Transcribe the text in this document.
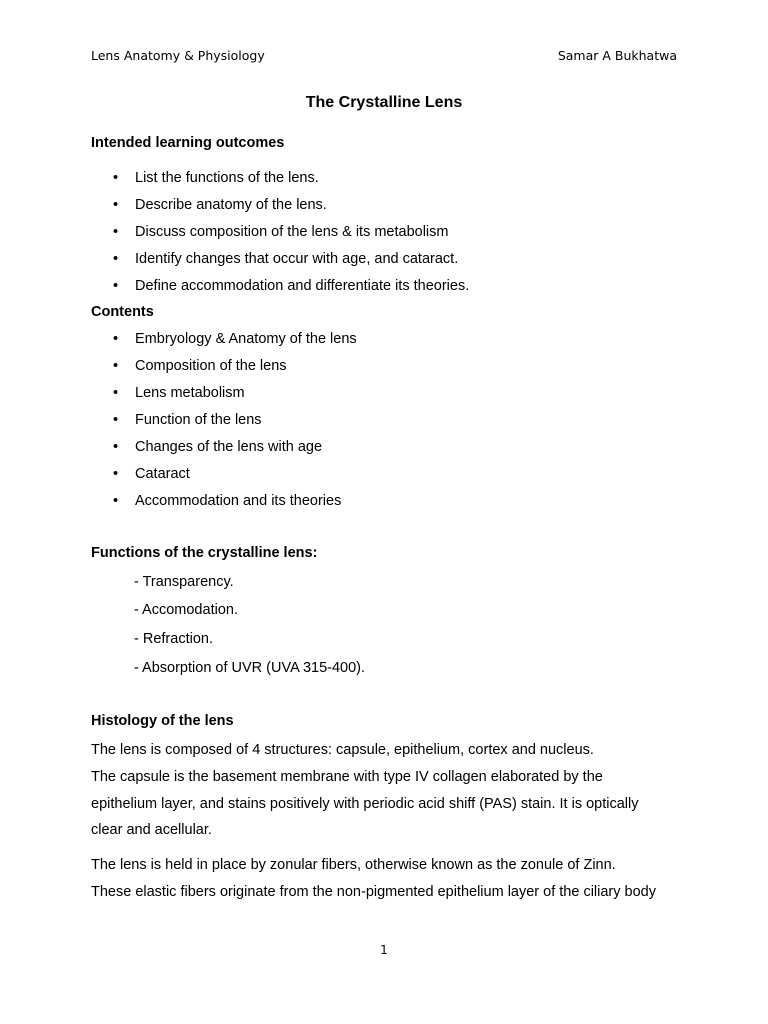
Lens Anatomy & Physiology	Samar A Bukhatwa
The Crystalline Lens
Intended learning outcomes
• List the functions of the lens.
• Describe anatomy of the lens.
• Discuss composition of the lens & its metabolism
• Identify changes that occur with age, and cataract.
• Define accommodation and differentiate its theories.
Contents
• Embryology & Anatomy of the lens
• Composition of the lens
• Lens metabolism
• Function of the lens
• Changes of the lens with age
• Cataract
• Accommodation and its theories
Functions of the crystalline lens:
- Transparency.
- Accomodation.
- Refraction.
- Absorption of UVR (UVA 315-400).
Histology of the lens
The lens is composed of 4 structures: capsule, epithelium, cortex and nucleus.
The capsule is the basement membrane with type IV collagen elaborated by the
epithelium layer, and stains positively with periodic acid shiff (PAS) stain. It is optically
clear and acellular.
The lens is held in place by zonular fibers, otherwise known as the zonule of Zinn.
These elastic fibers originate from the non-pigmented epithelium layer of the ciliary body
1
